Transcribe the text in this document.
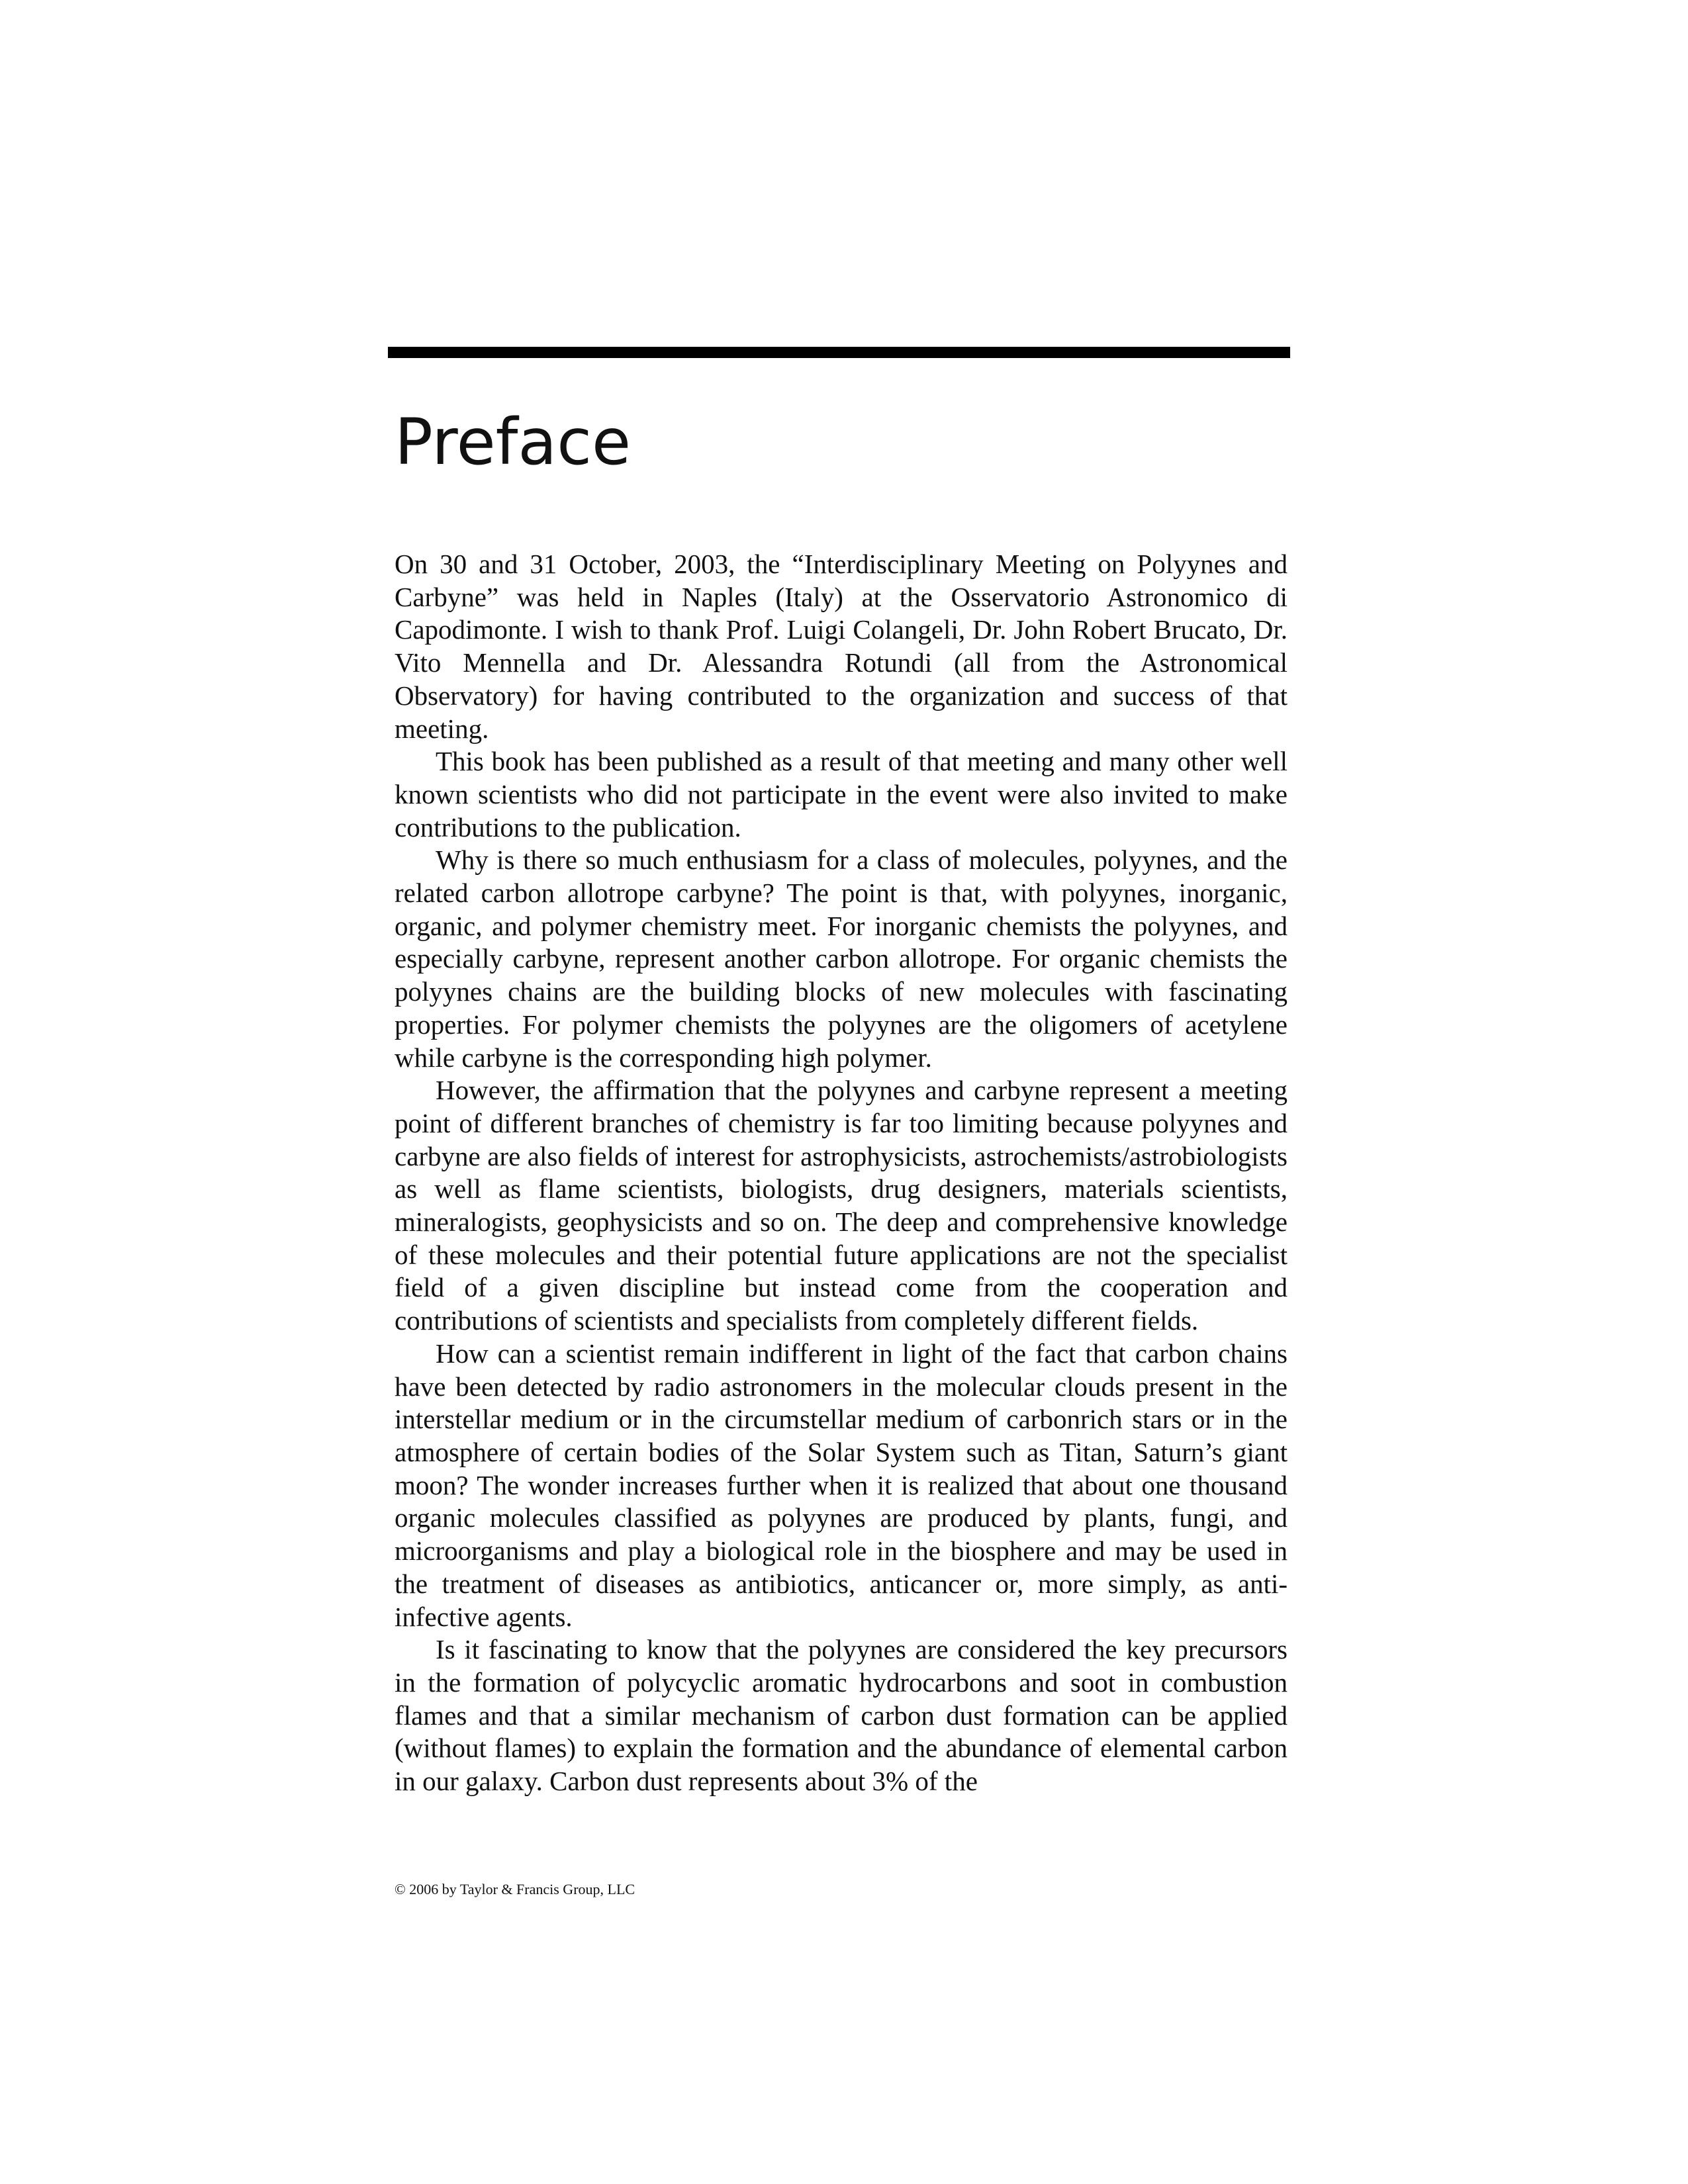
Preface

On 30 and 31 October, 2003, the “Interdisciplinary Meeting on Polyynes and Carbyne” was held in Naples (Italy) at the Osservatorio Astronomico di Capodimonte. I wish to thank Prof. Luigi Colangeli, Dr. John Robert Brucato, Dr. Vito Mennella and Dr. Alessandra Rotundi (all from the Astronomical Observatory) for having contributed to the organization and success of that meeting.

This book has been published as a result of that meeting and many other well known scientists who did not participate in the event were also invited to make contributions to the publication.

Why is there so much enthusiasm for a class of molecules, polyynes, and the related carbon allotrope carbyne? The point is that, with polyynes, inorganic, organic, and polymer chemistry meet. For inorganic chemists the polyynes, and especially carbyne, represent another carbon allotrope. For organic chemists the polyynes chains are the building blocks of new molecules with fascinating properties. For polymer chemists the polyynes are the oligomers of acetylene while carbyne is the corresponding high polymer.

However, the affirmation that the polyynes and carbyne represent a meeting point of different branches of chemistry is far too limiting because polyynes and carbyne are also fields of interest for astrophysicists, astrochemists/astrobiologists as well as flame scientists, biologists, drug designers, materials scientists, mineralogists, geophysicists and so on. The deep and comprehensive knowledge of these molecules and their potential future applications are not the specialist field of a given discipline but instead come from the cooperation and contributions of scientists and specialists from completely different fields.

How can a scientist remain indifferent in light of the fact that carbon chains have been detected by radio astronomers in the molecular clouds present in the interstellar medium or in the circumstellar medium of carbonrich stars or in the atmosphere of certain bodies of the Solar System such as Titan, Saturn’s giant moon? The wonder increases further when it is realized that about one thousand organic molecules classified as polyynes are produced by plants, fungi, and microorganisms and play a biological role in the biosphere and may be used in the treatment of diseases as antibiotics, anticancer or, more simply, as anti-infective agents.

Is it fascinating to know that the polyynes are considered the key precursors in the formation of polycyclic aromatic hydrocarbons and soot in combustion flames and that a similar mechanism of carbon dust formation can be applied (without flames) to explain the formation and the abundance of elemental carbon in our galaxy. Carbon dust represents about 3% of the

© 2006 by Taylor & Francis Group, LLC
